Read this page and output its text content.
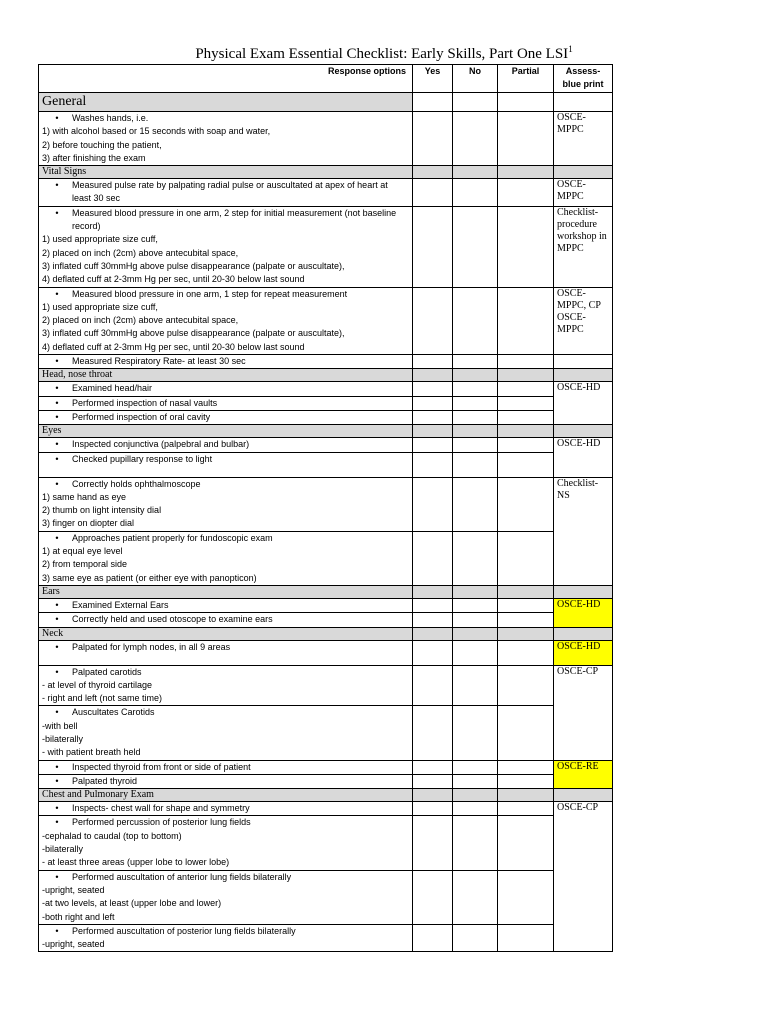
Physical Exam Essential Checklist: Early Skills, Part One LSI$^1$
Response options	Yes	No	Partial	Assess-blue print
General				

• Washes hands, i.e.
1) with alcohol based or 15 seconds with soap and water,
2) before touching the patient,
3) after finishing the exam				OSCE-MPPC
Vital Signs				

• Measured pulse rate by palpating radial pulse or auscultated at apex of heart at least 30 sec				OSCE-MPPC

• Measured blood pressure in one arm, 2 step for initial measurement (not baseline record)
1) used appropriate size cuff,
2) placed on inch (2cm) above antecubital space,
3) inflated cuff 30mmHg above pulse disappearance (palpate or auscultate),
4) deflated cuff at 2-3mm Hg per sec, until 20-30 below last sound				Checklist-procedure workshop in MPPC

• Measured blood pressure in one arm, 1 step for repeat measurement
1) used appropriate size cuff,
2) placed on inch (2cm) above antecubital space,
3) inflated cuff 30mmHg above pulse disappearance (palpate or auscultate),
4) deflated cuff at 2-3mm Hg per sec, until 20-30 below last sound				OSCE-MPPC, CP
OSCE-MPPC

• Measured Respiratory Rate- at least 30 sec				

Head, nose throat				

• Examined head/hair				OSCE-HD

• Performed inspection of nasal vaults				

• Performed inspection of oral cavity				

Eyes				

• Inspected conjunctiva (palpebral and bulbar)				OSCE-HD

• Checked pupillary response to light				

• Correctly holds ophthalmoscope
1) same hand as eye
2) thumb on light intensity dial
3) finger on diopter dial				Checklist-NS

• Approaches patient properly for fundoscopic exam
1) at equal eye level
2) from temporal side
3) same eye as patient (or either eye with panopticon)				

Ears				

• Examined External Ears				OSCE-HD

• Correctly held and used otoscope to examine ears				

Neck				

• Palpated for lymph nodes, in all 9 areas				OSCE-HD

• Palpated carotids
- at level of thyroid cartilage
- right and left (not same time)				OSCE-CP

• Auscultates Carotids
-with bell
-bilaterally
- with patient breath held				

• Inspected thyroid from front or side of patient				OSCE-RE

• Palpated thyroid				

Chest and Pulmonary Exam				

• Inspects- chest wall for shape and symmetry				OSCE-CP

• Performed percussion of posterior lung fields
-cephalad to caudal (top to bottom)
-bilaterally
- at least three areas (upper lobe to lower lobe)				

• Performed auscultation of anterior lung fields bilaterally
-upright, seated
-at two levels, at least (upper lobe and lower)
-both right and left				

• Performed auscultation of posterior lung fields bilaterally
-upright, seated				
